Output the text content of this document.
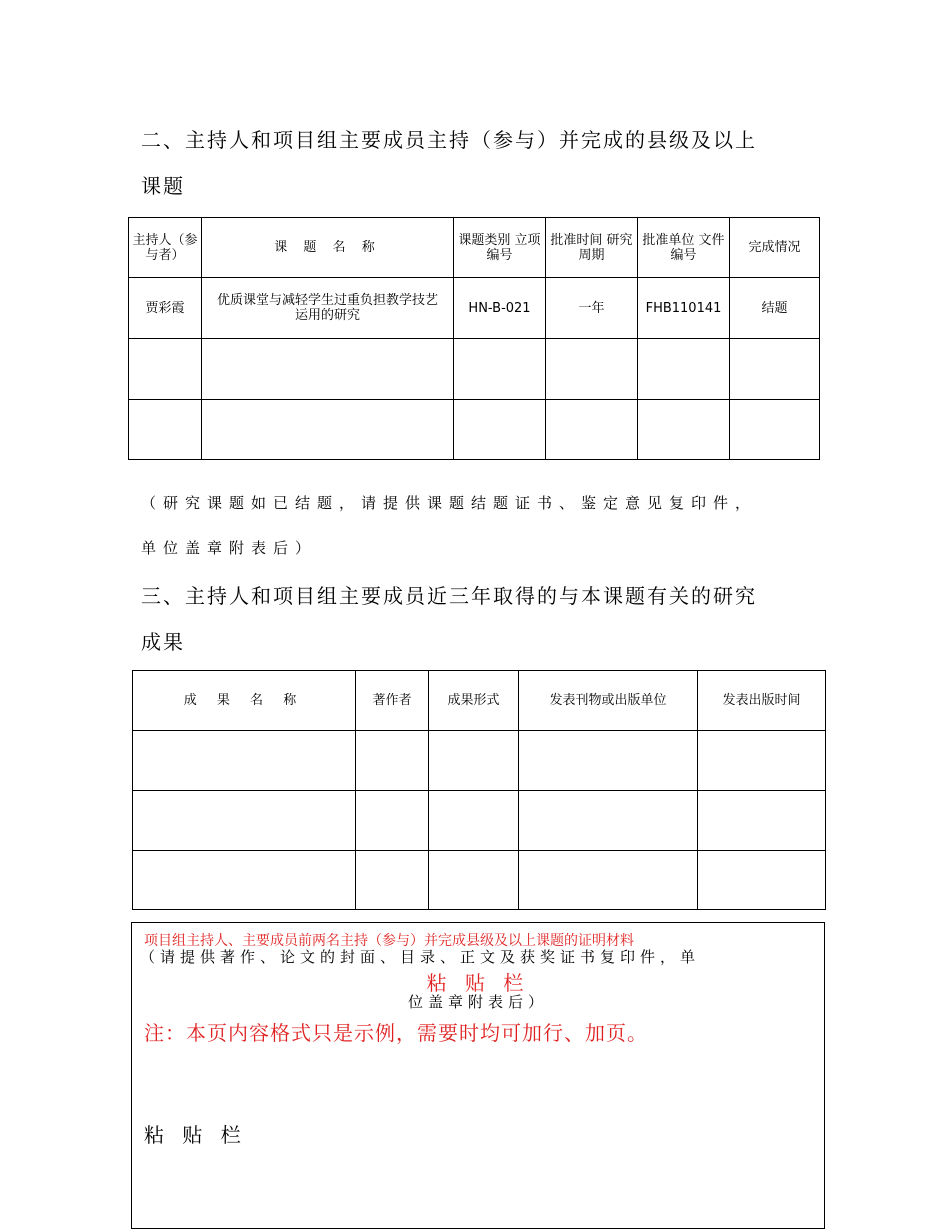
二、主持人和项目组主要成员主持（参与）并完成的县级及以上
课题
主持人（参与者）	课 题 名 称	课题类别 立项编号	批准时间 研究周期	批准单位 文件编号	完成情况
贾彩霞	优质课堂与减轻学生过重负担教学技艺运用的研究	HN-B-021	一年	FHB110141	结题

（研究课题如已结题，请提供课题结题证书、鉴定意见复印件，
单位盖章附表后）
三、主持人和项目组主要成员近三年取得的与本课题有关的研究
成果
成 果 名 称	著作者	成果形式	发表刊物或出版单位	发表出版时间

项目组主持人、主要成员前两名主持（参与）并完成县级及以上课题的证明材料
（请提供著作、论文的封面、目录、正文及获奖证书复印件，单
粘 贴 栏
位盖章附表后）
注：本页内容格式只是示例，需要时均可加行、加页。
粘 贴 栏
